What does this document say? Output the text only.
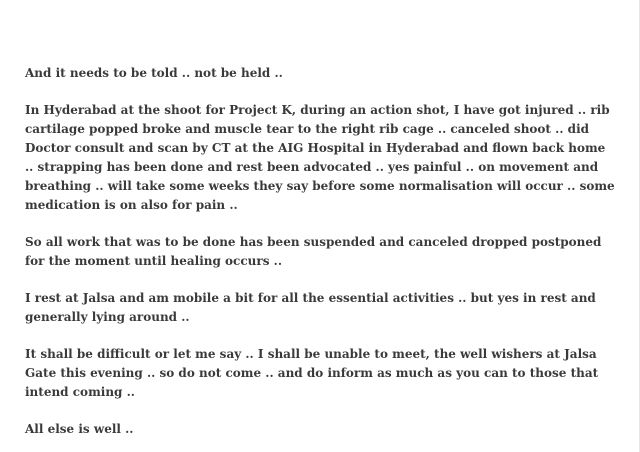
And it needs to be told .. not be held ..

In Hyderabad at the shoot for Project K, during an action shot, I have got injured .. rib cartilage popped broke and muscle tear to the right rib cage .. canceled shoot .. did Doctor consult and scan by CT at the AIG Hospital in Hyderabad and flown back home .. strapping has been done and rest been advocated .. yes painful .. on movement and breathing .. will take some weeks they say before some normalisation will occur .. some medication is on also for pain ..

So all work that was to be done has been suspended and canceled dropped postponed for the moment until healing occurs ..

I rest at Jalsa and am mobile a bit for all the essential activities .. but yes in rest and generally lying around ..

It shall be difficult or let me say .. I shall be unable to meet, the well wishers at Jalsa Gate this evening .. so do not come .. and do inform as much as you can to those that intend coming ..

All else is well ..
